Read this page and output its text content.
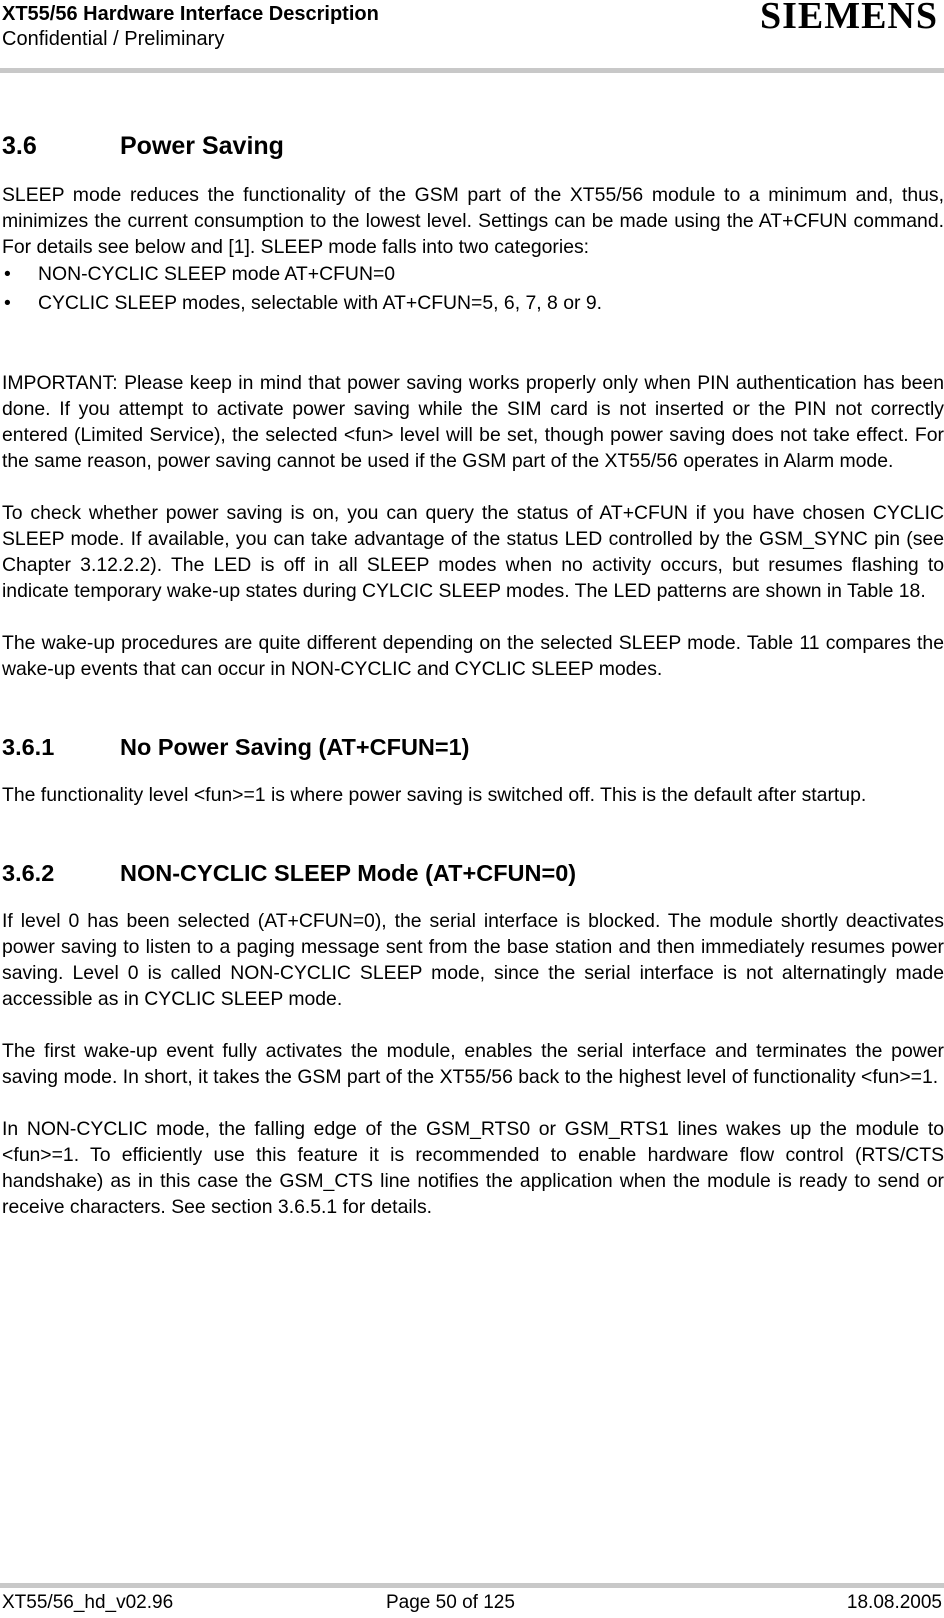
XT55/56 Hardware Interface Description
Confidential / Preliminary
SIEMENS
3.6	Power Saving

SLEEP mode reduces the functionality of the GSM part of the XT55/56 module to a minimum and, thus, minimizes the current consumption to the lowest level. Settings can be made using the AT+CFUN command. For details see below and [1]. SLEEP mode falls into two categories:

• NON-CYCLIC SLEEP mode AT+CFUN=0
• CYCLIC SLEEP modes, selectable with AT+CFUN=5, 6, 7, 8 or 9.

IMPORTANT: Please keep in mind that power saving works properly only when PIN authentication has been done. If you attempt to activate power saving while the SIM card is not inserted or the PIN not correctly entered (Limited Service), the selected <fun> level will be set, though power saving does not take effect. For the same reason, power saving cannot be used if the GSM part of the XT55/56 operates in Alarm mode.

To check whether power saving is on, you can query the status of AT+CFUN if you have chosen CYCLIC SLEEP mode. If available, you can take advantage of the status LED controlled by the GSM_SYNC pin (see Chapter 3.12.2.2). The LED is off in all SLEEP modes when no activity occurs, but resumes flashing to indicate temporary wake-up states during CYLCIC SLEEP modes. The LED patterns are shown in Table 18.

The wake-up procedures are quite different depending on the selected SLEEP mode. Table 11 compares the wake-up events that can occur in NON-CYCLIC and CYCLIC SLEEP modes.

3.6.1	No Power Saving (AT+CFUN=1)

The functionality level <fun>=1 is where power saving is switched off. This is the default after startup.

3.6.2	NON-CYCLIC SLEEP Mode (AT+CFUN=0)

If level 0 has been selected (AT+CFUN=0), the serial interface is blocked. The module shortly deactivates power saving to listen to a paging message sent from the base station and then immediately resumes power saving. Level 0 is called NON-CYCLIC SLEEP mode, since the serial interface is not alternatingly made accessible as in CYCLIC SLEEP mode.

The first wake-up event fully activates the module, enables the serial interface and terminates the power saving mode. In short, it takes the GSM part of the XT55/56 back to the highest level of functionality <fun>=1.

In NON-CYCLIC mode, the falling edge of the GSM_RTS0 or GSM_RTS1 lines wakes up the module to <fun>=1. To efficiently use this feature it is recommended to enable hardware flow control (RTS/CTS handshake) as in this case the GSM_CTS line notifies the application when the module is ready to send or receive characters. See section 3.6.5.1 for details.

XT55/56_hd_v02.96	Page 50 of 125	18.08.2005
